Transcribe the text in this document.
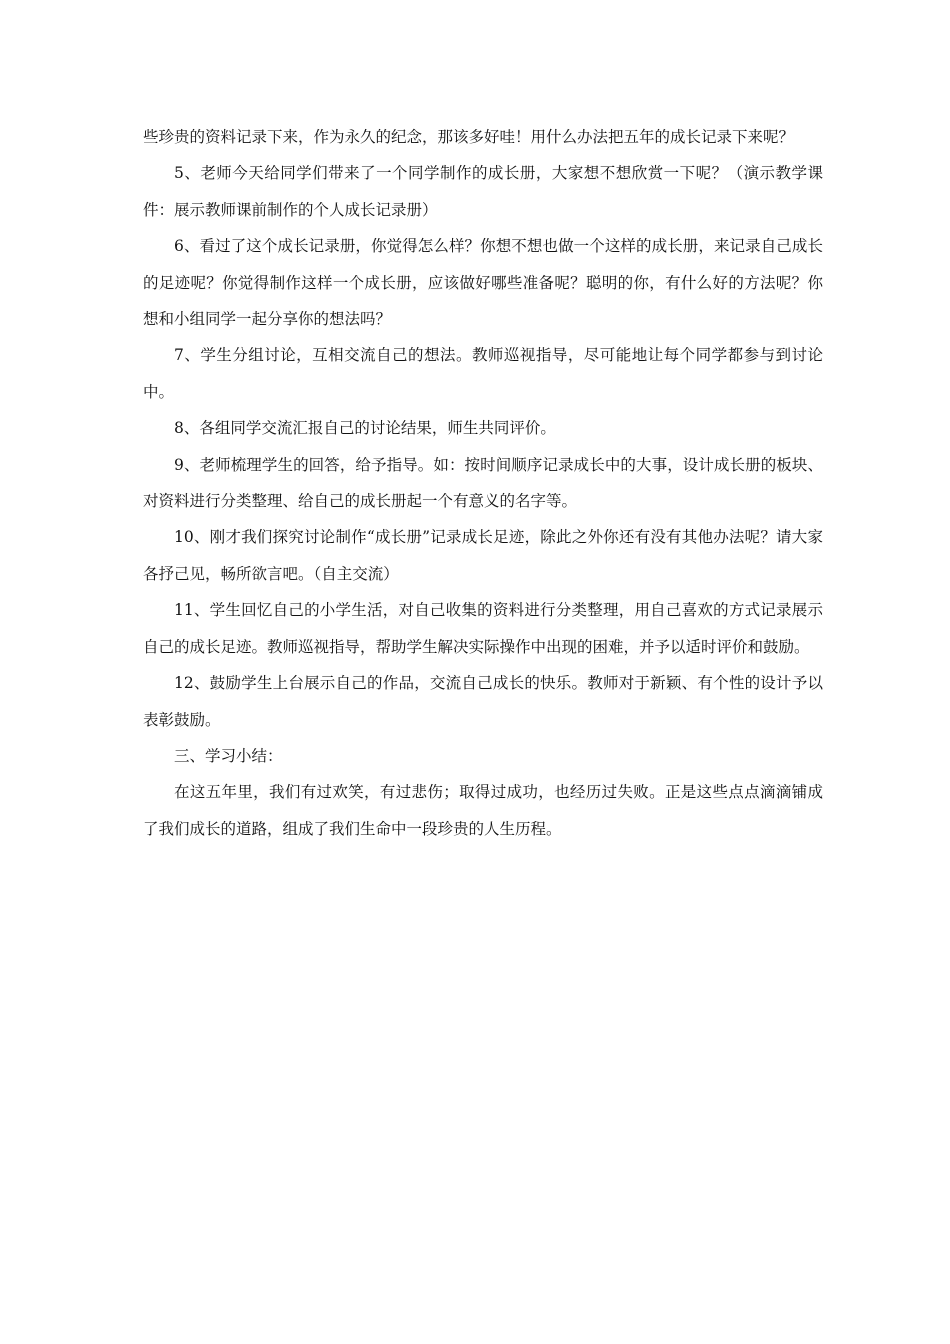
些珍贵的资料记录下来，作为永久的纪念，那该多好哇！用什么办法把五年的成长记录下来呢？

5、老师今天给同学们带来了一个同学制作的成长册，大家想不想欣赏一下呢？（演示教学课件：展示教师课前制作的个人成长记录册）

6、看过了这个成长记录册，你觉得怎么样？你想不想也做一个这样的成长册，来记录自己成长的足迹呢？你觉得制作这样一个成长册，应该做好哪些准备呢？聪明的你，有什么好的方法呢？你想和小组同学一起分享你的想法吗？

7、学生分组讨论，互相交流自己的想法。教师巡视指导，尽可能地让每个同学都参与到讨论中。

8、各组同学交流汇报自己的讨论结果，师生共同评价。

9、老师梳理学生的回答，给予指导。如：按时间顺序记录成长中的大事，设计成长册的板块、对资料进行分类整理、给自己的成长册起一个有意义的名字等。

10、刚才我们探究讨论制作“成长册”记录成长足迹，除此之外你还有没有其他办法呢？请大家各抒己见，畅所欲言吧。（自主交流）

11、学生回忆自己的小学生活，对自己收集的资料进行分类整理，用自己喜欢的方式记录展示自己的成长足迹。教师巡视指导，帮助学生解决实际操作中出现的困难，并予以适时评价和鼓励。

12、鼓励学生上台展示自己的作品，交流自己成长的快乐。教师对于新颖、有个性的设计予以表彰鼓励。

三、学习小结：

在这五年里，我们有过欢笑，有过悲伤；取得过成功，也经历过失败。正是这些点点滴滴铺成了我们成长的道路，组成了我们生命中一段珍贵的人生历程。
